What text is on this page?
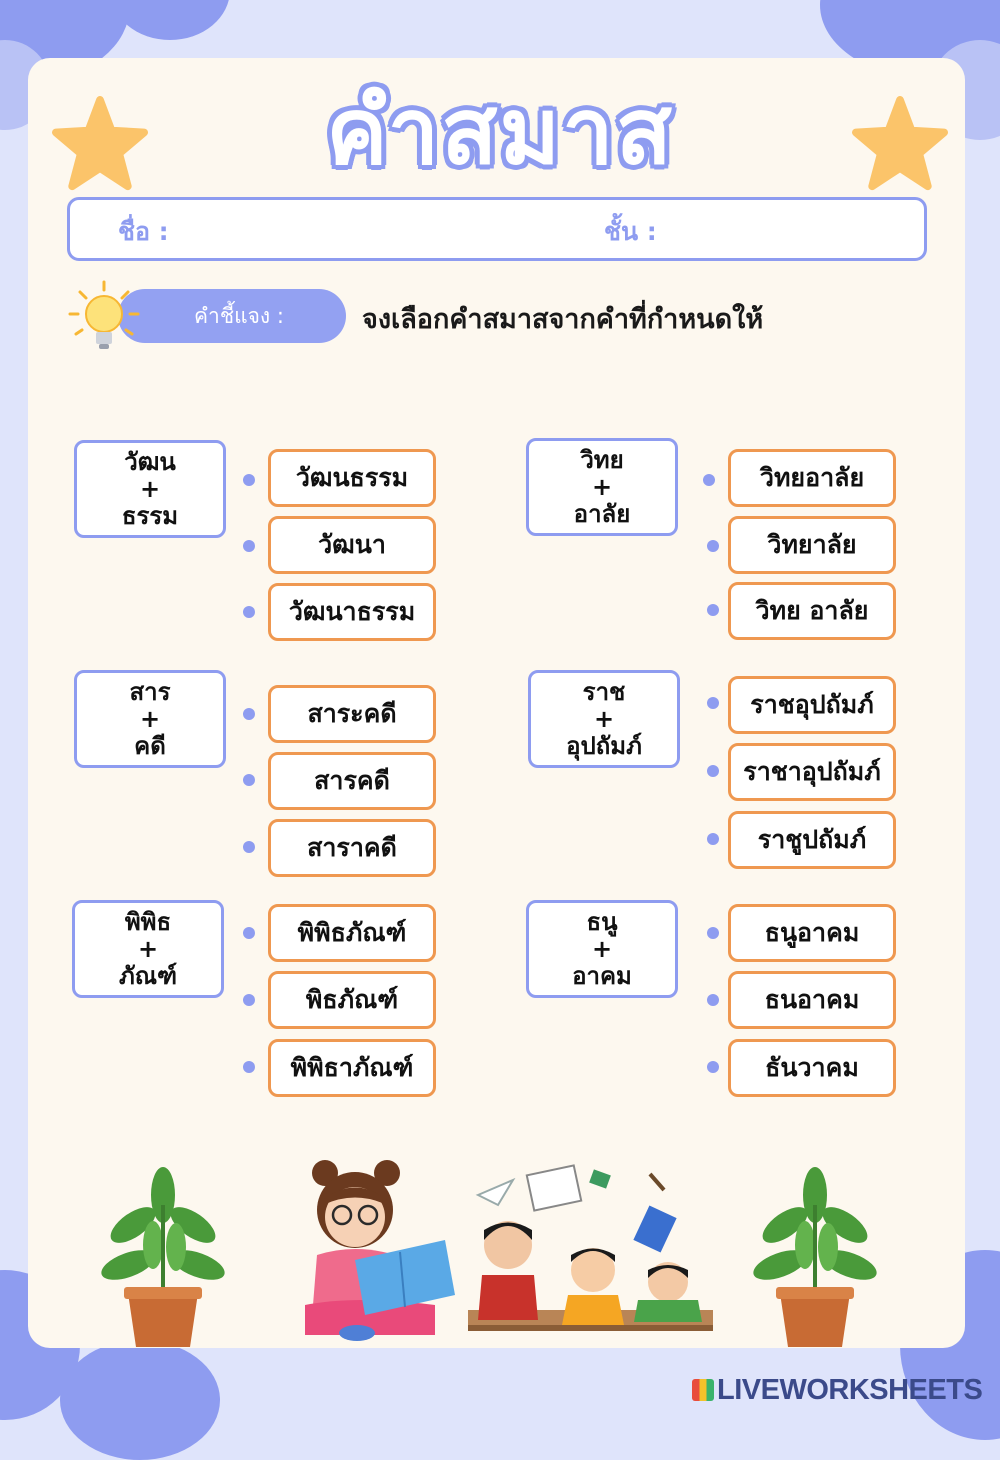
คำสมาส
ชื่อ :	ชั้น :
คำชี้แจง :	จงเลือกคำสมาสจากคำที่กำหนดให้
วัฒน
+
ธรรม
วัฒนธรรม
วัฒนา
วัฒนาธรรม
วิทย
+
อาลัย
วิทยอาลัย
วิทยาลัย
วิทย อาลัย
สาร
+
คดี
สาระคดี
สารคดี
สาราคดี
ราช
+
อุปถัมภ์
ราชอุปถัมภ์
ราชาอุปถัมภ์
ราชูปถัมภ์
พิพิธ
+
ภัณฑ์
พิพิธภัณฑ์
พิธภัณฑ์
พิพิธาภัณฑ์
ธนู
+
อาคม
ธนูอาคม
ธนอาคม
ธันวาคม
LIVEWORKSHEETS
